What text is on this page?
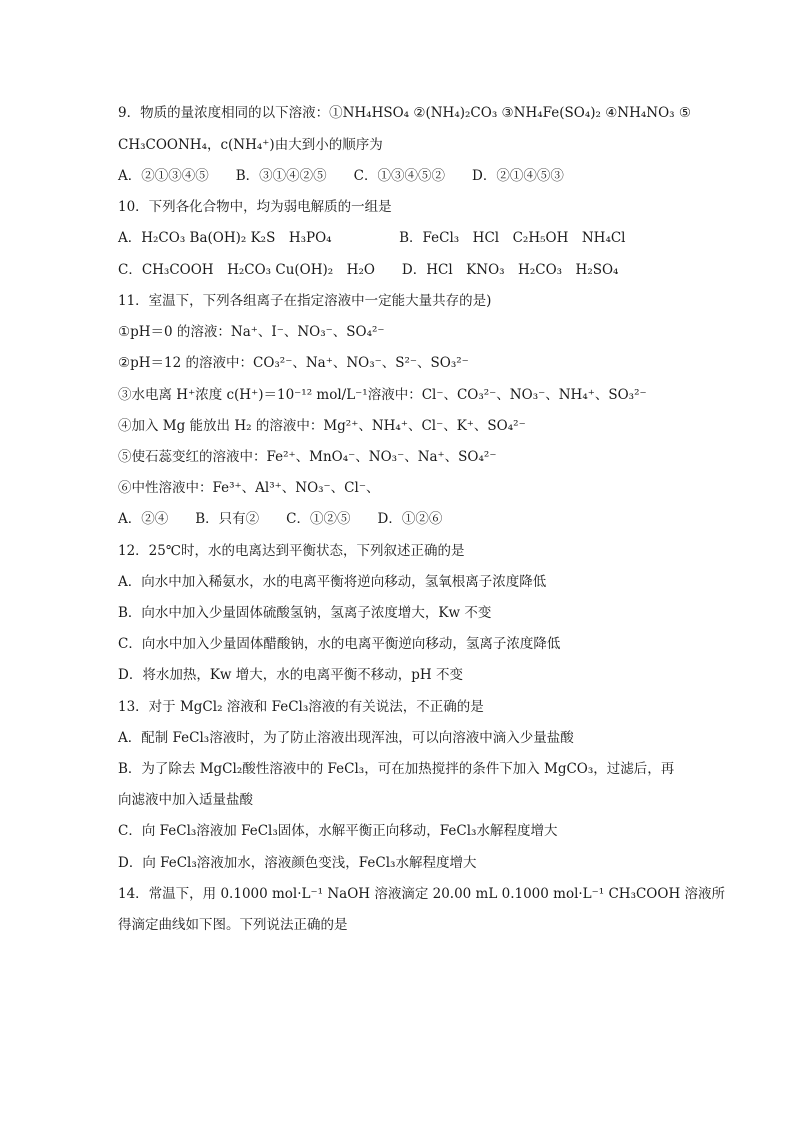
9．物质的量浓度相同的以下溶液：①NH₄HSO₄ ②(NH₄)₂CO₃ ③NH₄Fe(SO₄)₂ ④NH₄NO₃ ⑤
CH₃COONH₄，c(NH₄⁺)由大到小的顺序为
A．②①③④⑤　　B．③①④②⑤　　C．①③④⑤②　　D．②①④⑤③
10．下列各化合物中，均为弱电解质的一组是
A．H₂CO₃ Ba(OH)₂ K₂S　H₃PO₄　　　　　B．FeCl₃　HCl　C₂H₅OH　NH₄Cl
C．CH₃COOH　H₂CO₃ Cu(OH)₂　H₂O　　D．HCl　KNO₃　H₂CO₃　H₂SO₄
11．室温下，下列各组离子在指定溶液中一定能大量共存的是)
①pH＝0 的溶液：Na⁺、I⁻、NO₃⁻、SO₄²⁻
②pH＝12 的溶液中：CO₃²⁻、Na⁺、NO₃⁻、S²⁻、SO₃²⁻
③水电离 H⁺浓度 c(H⁺)＝10⁻¹² mol/L⁻¹溶液中：Cl⁻、CO₃²⁻、NO₃⁻、NH₄⁺、SO₃²⁻
④加入 Mg 能放出 H₂ 的溶液中：Mg²⁺、NH₄⁺、Cl⁻、K⁺、SO₄²⁻
⑤使石蕊变红的溶液中：Fe²⁺、MnO₄⁻、NO₃⁻、Na⁺、SO₄²⁻
⑥中性溶液中：Fe³⁺、Al³⁺、NO₃⁻、Cl⁻、
A．②④　　B．只有②　　C．①②⑤　　D．①②⑥
12．25℃时，水的电离达到平衡状态，下列叙述正确的是
A．向水中加入稀氨水，水的电离平衡将逆向移动，氢氧根离子浓度降低
B．向水中加入少量固体硫酸氢钠，氢离子浓度增大，Kw 不变
C．向水中加入少量固体醋酸钠，水的电离平衡逆向移动，氢离子浓度降低
D．将水加热，Kw 增大，水的电离平衡不移动，pH 不变
13．对于 MgCl₂ 溶液和 FeCl₃溶液的有关说法，不正确的是
A．配制 FeCl₃溶液时，为了防止溶液出现浑浊，可以向溶液中滴入少量盐酸
B．为了除去 MgCl₂酸性溶液中的 FeCl₃，可在加热搅拌的条件下加入 MgCO₃，过滤后，再
向滤液中加入适量盐酸
C．向 FeCl₃溶液加 FeCl₃固体，水解平衡正向移动，FeCl₃水解程度增大
D．向 FeCl₃溶液加水，溶液颜色变浅，FeCl₃水解程度增大
14．常温下，用 0.1000 mol·L⁻¹ NaOH 溶液滴定 20.00 mL 0.1000 mol·L⁻¹ CH₃COOH 溶液所
得滴定曲线如下图。下列说法正确的是
